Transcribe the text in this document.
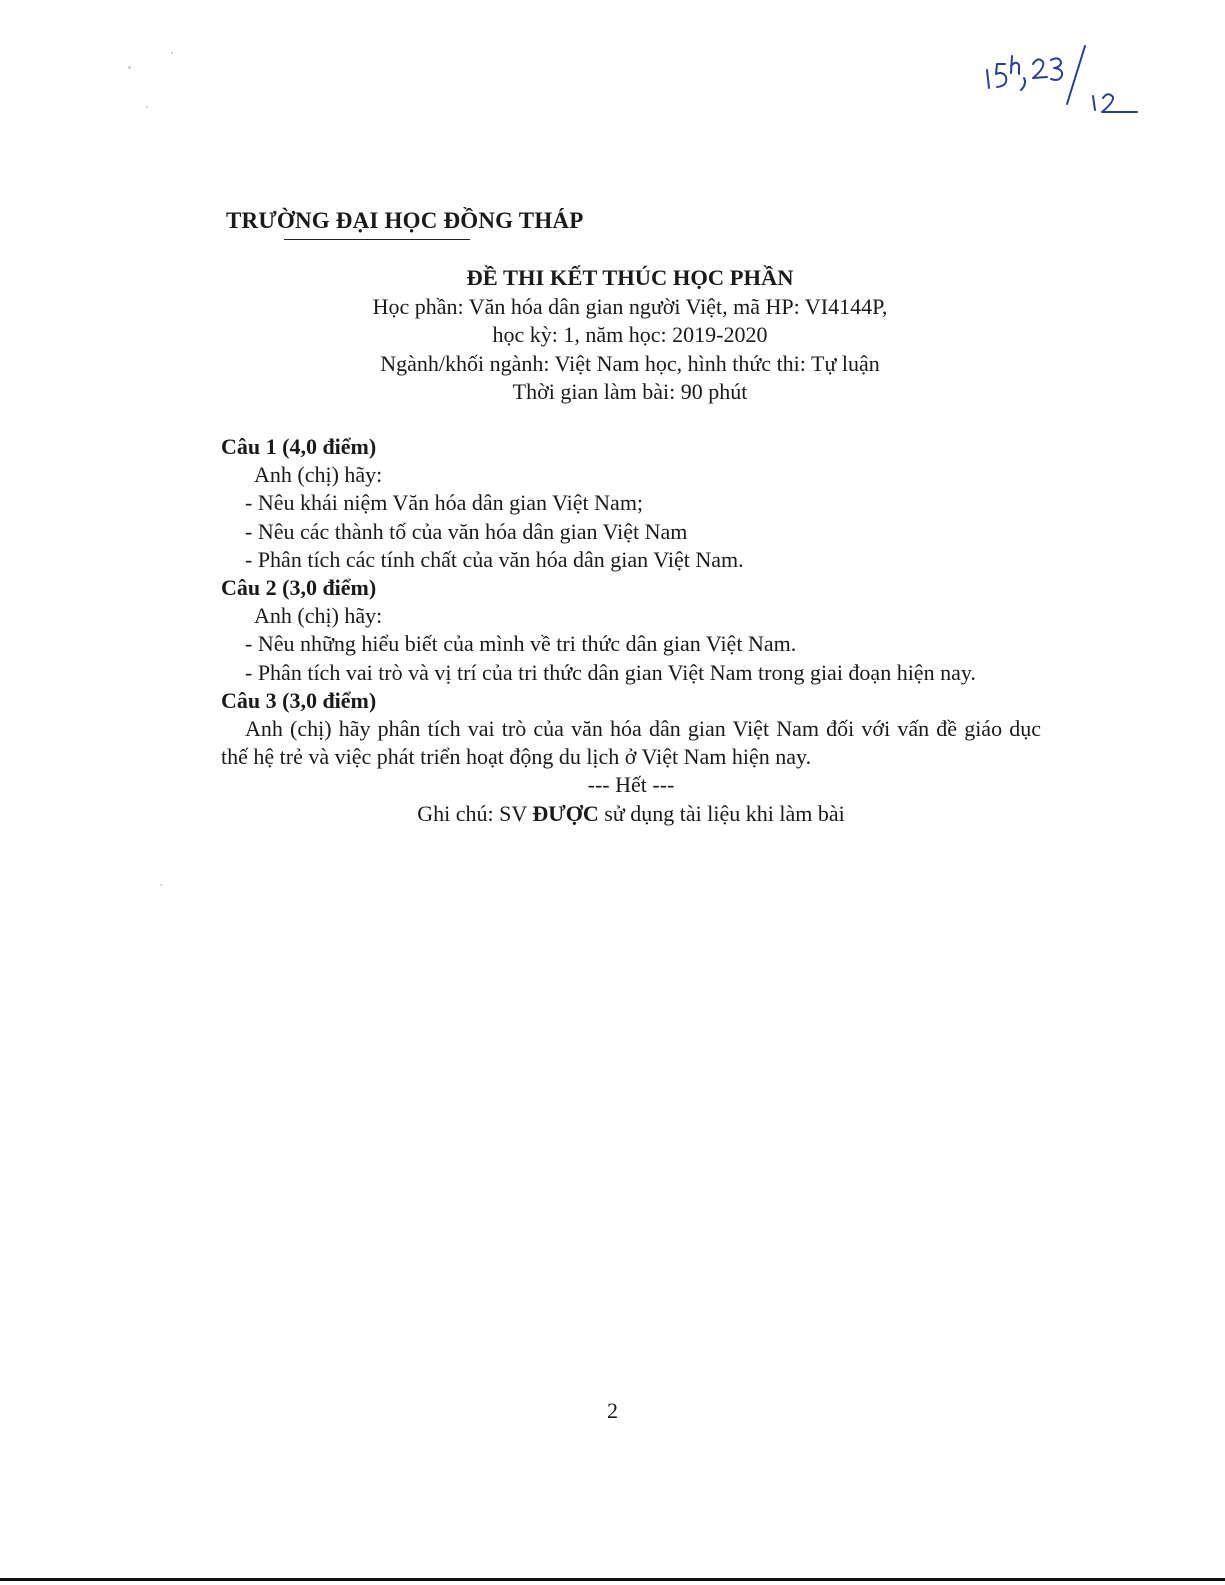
TRƯỜNG ĐẠI HỌC ĐỒNG THÁP
ĐỀ THI KẾT THÚC HỌC PHẦN
Học phần: Văn hóa dân gian người Việt, mã HP: VI4144P,
học kỳ: 1, năm học: 2019-2020
Ngành/khối ngành: Việt Nam học, hình thức thi: Tự luận
Thời gian làm bài: 90 phút
Câu 1 (4,0 điểm)
Anh (chị) hãy:
- Nêu khái niệm Văn hóa dân gian Việt Nam;
- Nêu các thành tố của văn hóa dân gian Việt Nam
- Phân tích các tính chất của văn hóa dân gian Việt Nam.
Câu 2 (3,0 điểm)
Anh (chị) hãy:
- Nêu những hiểu biết của mình về tri thức dân gian Việt Nam.
- Phân tích vai trò và vị trí của tri thức dân gian Việt Nam trong giai đoạn hiện nay.
Câu 3 (3,0 điểm)
Anh (chị) hãy phân tích vai trò của văn hóa dân gian Việt Nam đối với vấn đề giáo dục thế hệ trẻ và việc phát triển hoạt động du lịch ở Việt Nam hiện nay.
--- Hết ---
Ghi chú: SV ĐƯỢC sử dụng tài liệu khi làm bài
2
